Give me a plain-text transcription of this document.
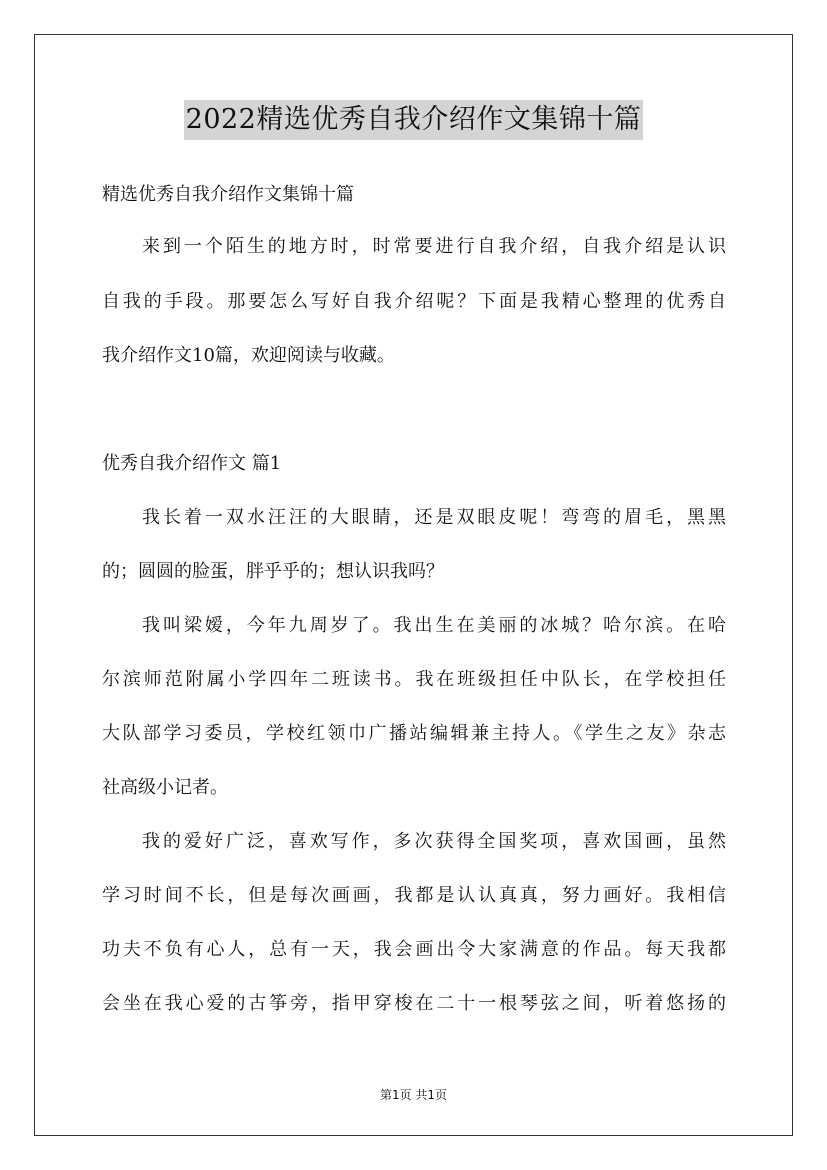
2022精选优秀自我介绍作文集锦十篇
精选优秀自我介绍作文集锦十篇
来到一个陌生的地方时，时常要进行自我介绍，自我介绍是认识
自我的手段。那要怎么写好自我介绍呢？下面是我精心整理的优秀自
我介绍作文10篇，欢迎阅读与收藏。
优秀自我介绍作文 篇1
我长着一双水汪汪的大眼睛，还是双眼皮呢！弯弯的眉毛，黑黑
的；圆圆的脸蛋，胖乎乎的；想认识我吗？
我叫梁嫒，今年九周岁了。我出生在美丽的冰城？哈尔滨。在哈
尔滨师范附属小学四年二班读书。我在班级担任中队长，在学校担任
大队部学习委员，学校红领巾广播站编辑兼主持人。《学生之友》杂志
社高级小记者。
我的爱好广泛，喜欢写作，多次获得全国奖项，喜欢国画，虽然
学习时间不长，但是每次画画，我都是认认真真，努力画好。我相信
功夫不负有心人，总有一天，我会画出令大家满意的作品。每天我都
会坐在我心爱的古筝旁，指甲穿梭在二十一根琴弦之间，听着悠扬的
第1页 共1页
